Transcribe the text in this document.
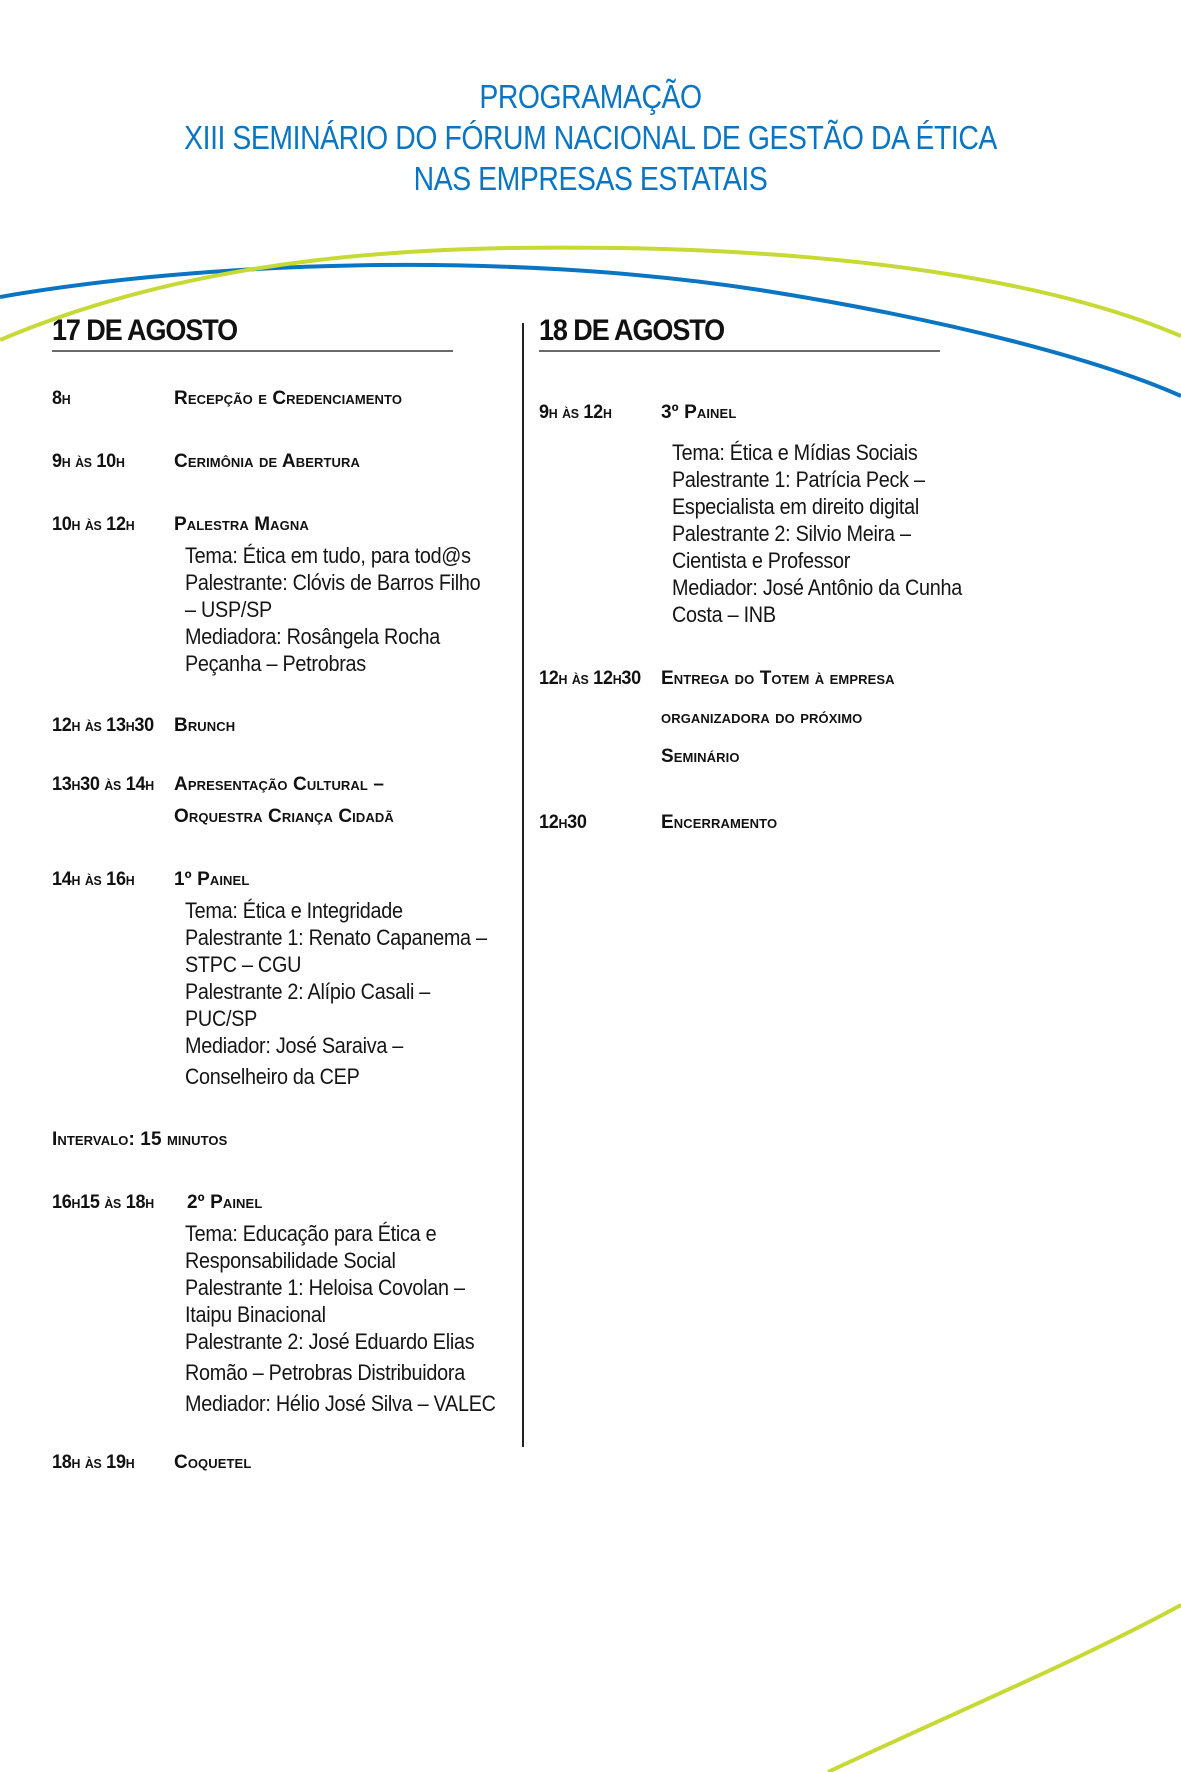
PROGRAMAÇÃO
XIII SEMINÁRIO DO FÓRUM NACIONAL DE GESTÃO DA ÉTICA
NAS EMPRESAS ESTATAIS
17 DE AGOSTO
8h	Recepção e Credenciamento
9h às 10h	Cerimônia de Abertura
10h às 12h Palestra Magna
Tema: Ética em tudo, para tod@s
Palestrante: Clóvis de Barros Filho
– USP/SP
Mediadora: Rosângela Rocha
Peçanha – Petrobras
12h às 13h30 Brunch
13h30 às 14h Apresentação Cultural –
Orquestra Criança Cidadã
14h às 16h 1º Painel
Tema: Ética e Integridade
Palestrante 1: Renato Capanema –
STPC – CGU
Palestrante 2: Alípio Casali –
PUC/SP
Mediador: José Saraiva –
Conselheiro da CEP
Intervalo: 15 minutos
16h15 às 18h 2º Painel
Tema: Educação para Ética e
Responsabilidade Social
Palestrante 1: Heloisa Covolan –
Itaipu Binacional
Palestrante 2: José Eduardo Elias
Romão – Petrobras Distribuidora
Mediador: Hélio José Silva – VALEC
18h às 19h Coquetel
18 DE AGOSTO
9h às 12h	3º Painel
Tema: Ética e Mídias Sociais
Palestrante 1: Patrícia Peck –
Especialista em direito digital
Palestrante 2: Silvio Meira –
Cientista e Professor
Mediador: José Antônio da Cunha
Costa – INB
12h às 12h30 Entrega do Totem à empresa
organizadora do próximo
Seminário
12h30	Encerramento
